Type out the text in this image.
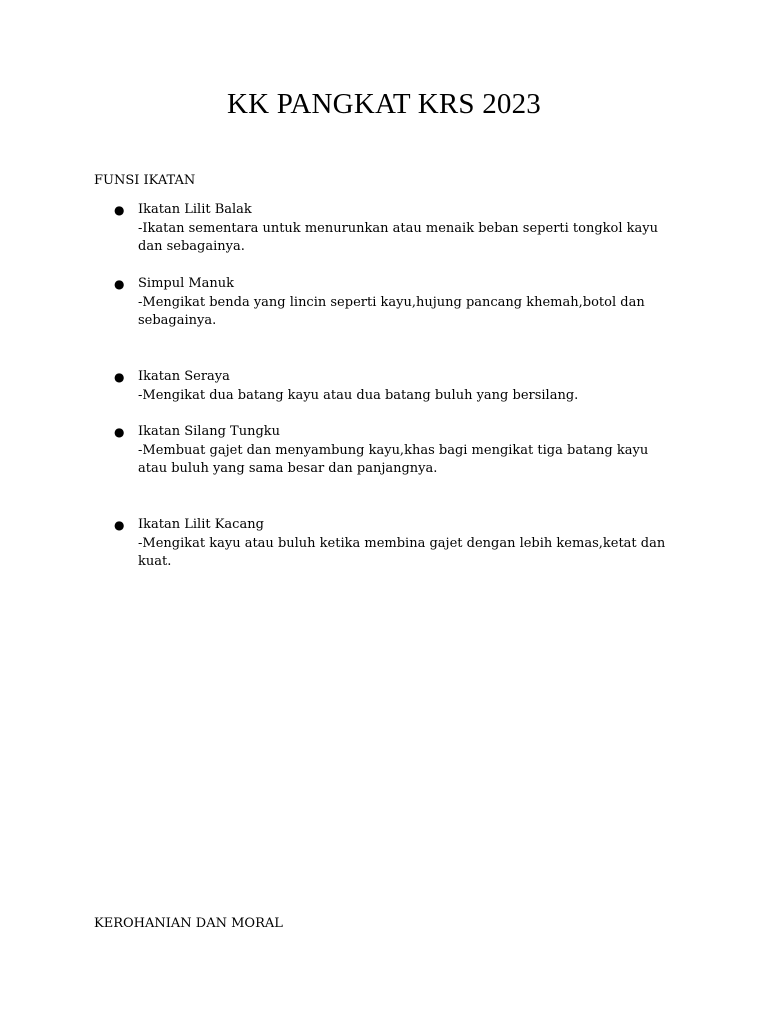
KK PANGKAT KRS 2023
FUNSI IKATAN
● Ikatan Lilit Balak
-Ikatan sementara untuk menurunkan atau menaik beban seperti tongkol kayu
dan sebagainya.
● Simpul Manuk
-Mengikat benda yang lincin seperti kayu,hujung pancang khemah,botol dan
sebagainya.
● Ikatan Seraya
-Mengikat dua batang kayu atau dua batang buluh yang bersilang.
● Ikatan Silang Tungku
-Membuat gajet dan menyambung kayu,khas bagi mengikat tiga batang kayu
atau buluh yang sama besar dan panjangnya.
● Ikatan Lilit Kacang
-Mengikat kayu atau buluh ketika membina gajet dengan lebih kemas,ketat dan
kuat.
KEROHANIAN DAN MORAL
